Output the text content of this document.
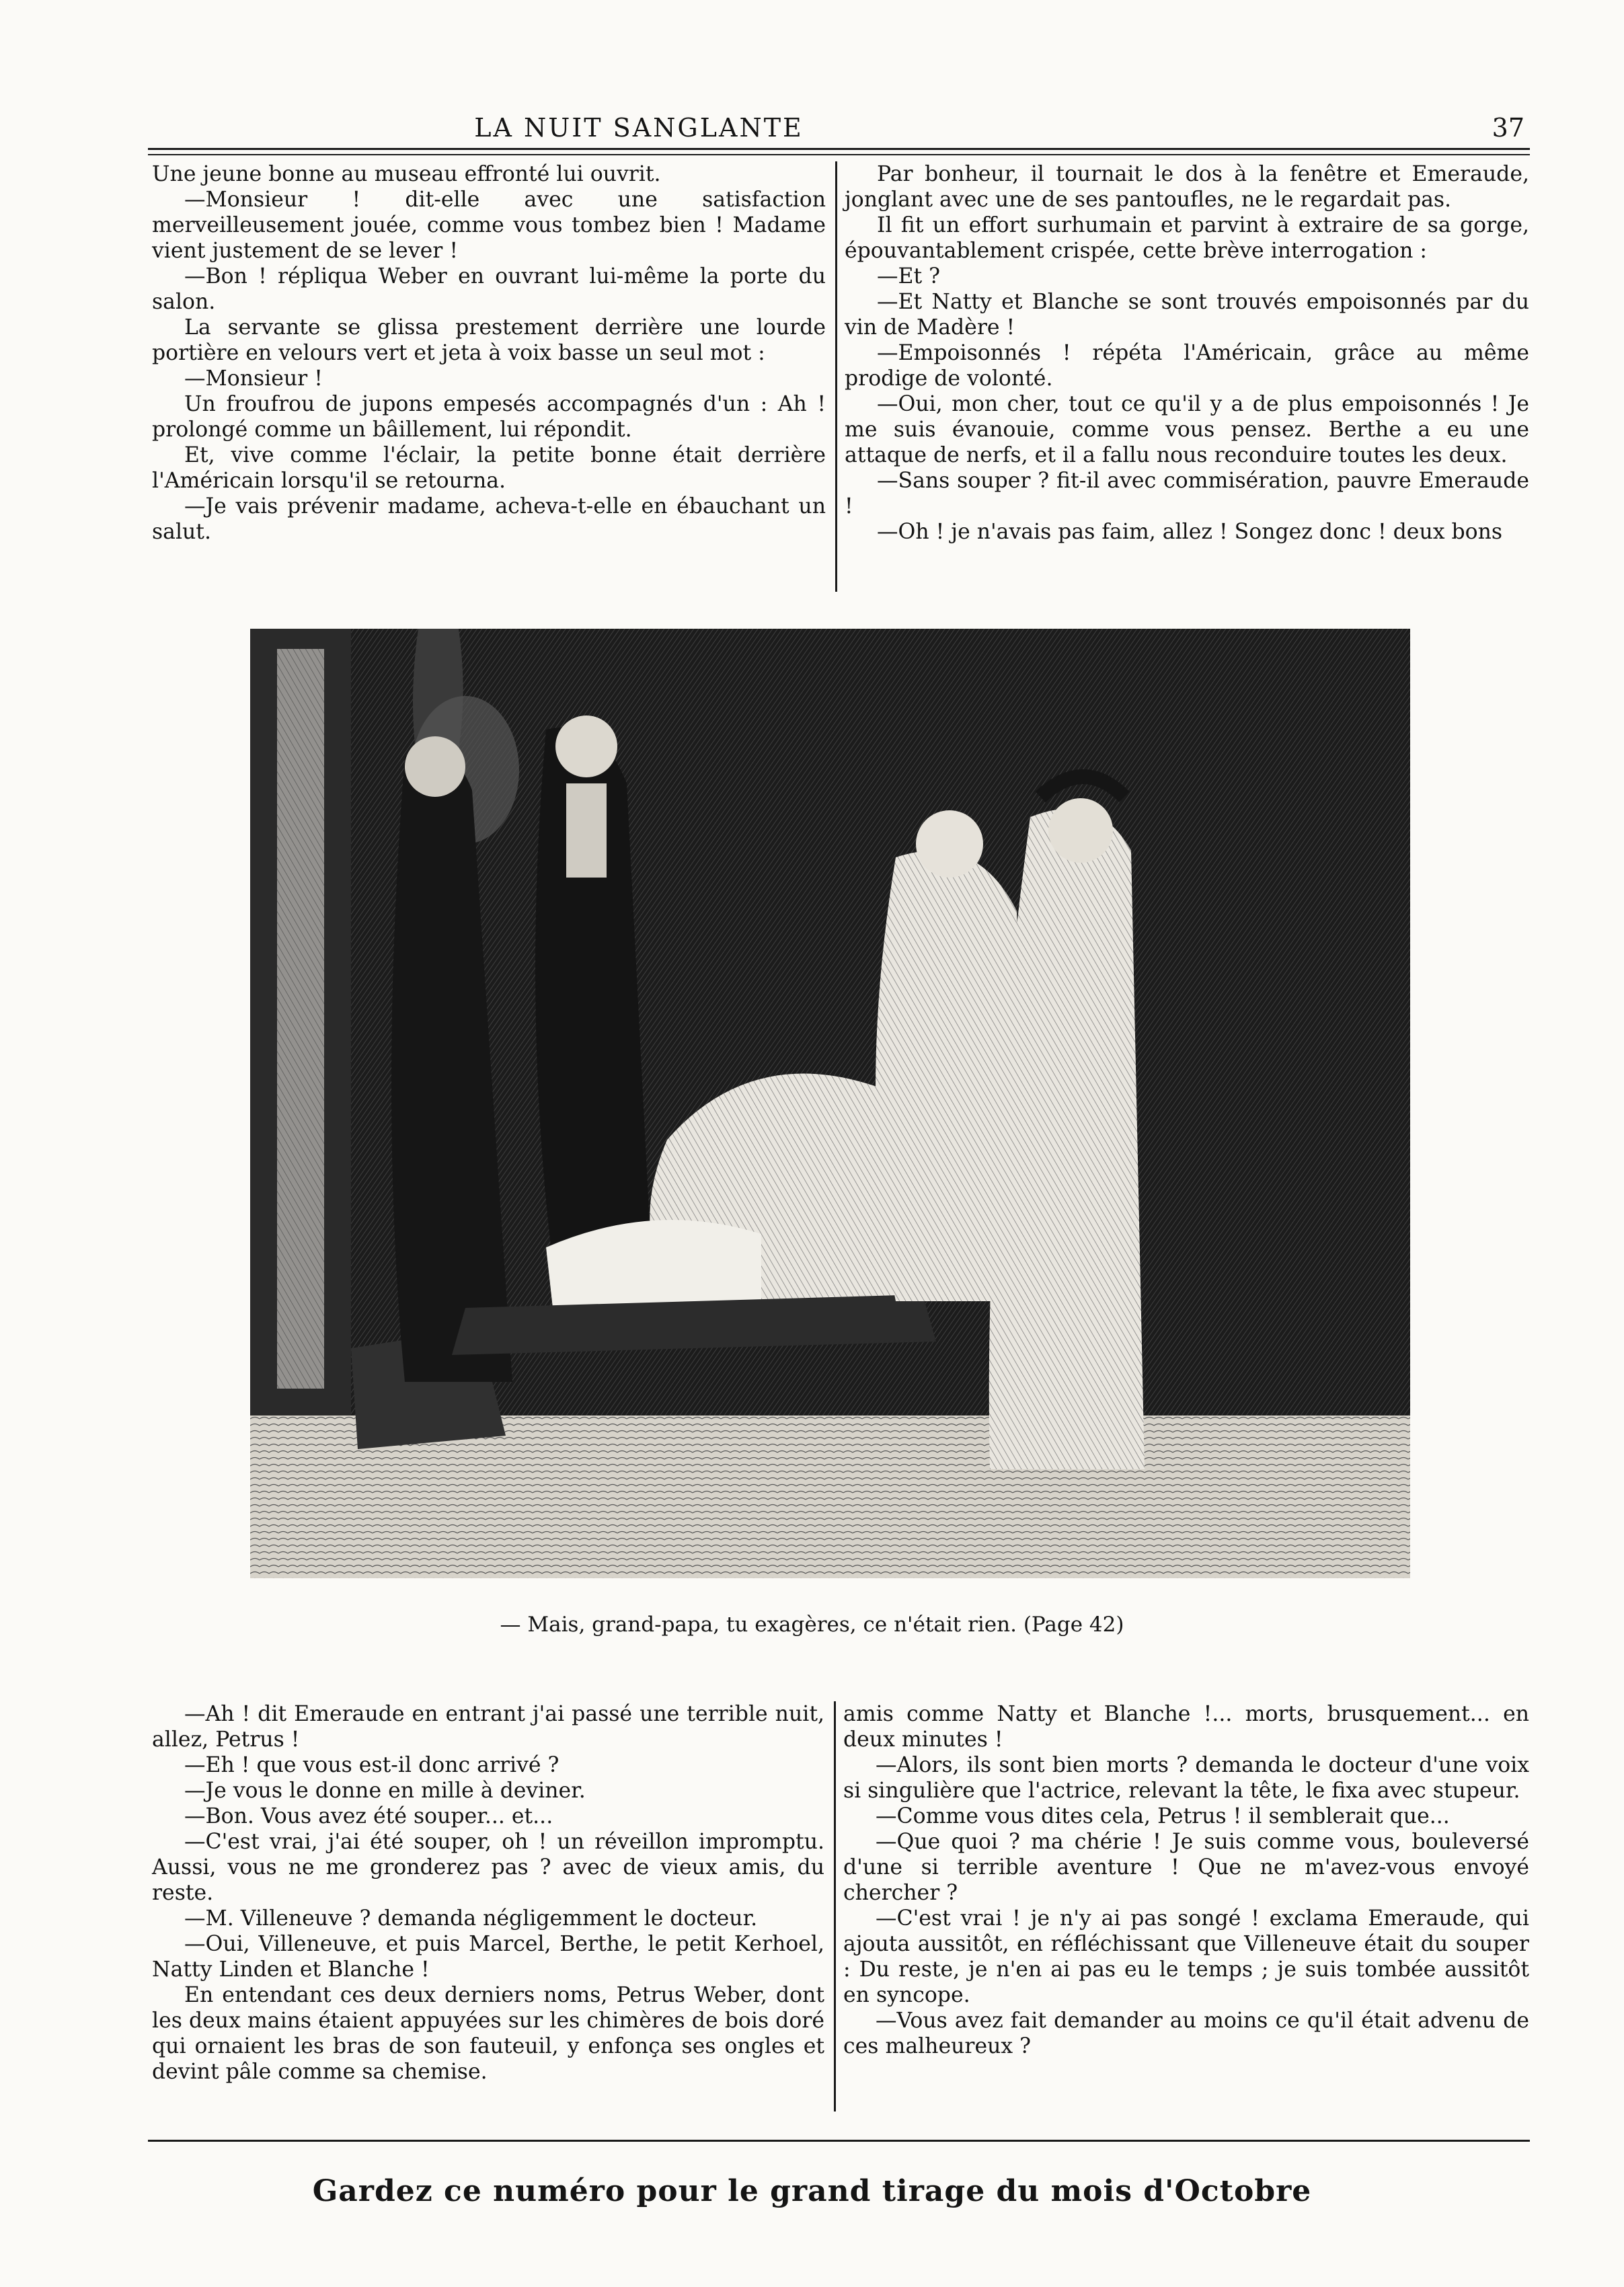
LA NUIT SANGLANTE	37

Une jeune bonne au museau effronté lui ouvrit.

—Monsieur ! dit-elle avec une satisfaction merveilleusement jouée, comme vous tombez bien ! Madame vient justement de se lever !

—Bon ! répliqua Weber en ouvrant lui-même la porte du salon.

La servante se glissa prestement derrière une lourde portière en velours vert et jeta à voix basse un seul mot :

—Monsieur !

Un froufrou de jupons empesés accompagnés d'un : Ah ! prolongé comme un bâillement, lui répondit.

Et, vive comme l'éclair, la petite bonne était derrière l'Américain lorsqu'il se retourna.

—Je vais prévenir madame, acheva-t-elle en ébauchant un salut.

Par bonheur, il tournait le dos à la fenêtre et Emeraude, jonglant avec une de ses pantoufles, ne le regardait pas.

Il fit un effort surhumain et parvint à extraire de sa gorge, épouvantablement crispée, cette brève interrogation :

—Et ?

—Et Natty et Blanche se sont trouvés empoisonnés par du vin de Madère !

—Empoisonnés ! répéta l'Américain, grâce au même prodige de volonté.

—Oui, mon cher, tout ce qu'il y a de plus empoisonnés ! Je me suis évanouie, comme vous pensez. Berthe a eu une attaque de nerfs, et il a fallu nous reconduire toutes les deux.

—Sans souper ? fit-il avec commisération, pauvre Emeraude !

—Oh ! je n'avais pas faim, allez ! Songez donc ! deux bons

— Mais, grand-papa, tu exagères, ce n'était rien. (Page 42)

—Ah ! dit Emeraude en entrant j'ai passé une terrible nuit, allez, Petrus !

—Eh ! que vous est-il donc arrivé ?

—Je vous le donne en mille à deviner.

—Bon. Vous avez été souper... et...

—C'est vrai, j'ai été souper, oh ! un réveillon impromptu. Aussi, vous ne me gronderez pas ? avec de vieux amis, du reste.

—M. Villeneuve ? demanda négligemment le docteur.

—Oui, Villeneuve, et puis Marcel, Berthe, le petit Kerhoel, Natty Linden et Blanche !

En entendant ces deux derniers noms, Petrus Weber, dont les deux mains étaient appuyées sur les chimères de bois doré qui ornaient les bras de son fauteuil, y enfonça ses ongles et devint pâle comme sa chemise.

amis comme Natty et Blanche !... morts, brusquement... en deux minutes !

—Alors, ils sont bien morts ? demanda le docteur d'une voix si singulière que l'actrice, relevant la tête, le fixa avec stupeur.

—Comme vous dites cela, Petrus ! il semblerait que...

—Que quoi ? ma chérie ! Je suis comme vous, bouleversé d'une si terrible aventure ! Que ne m'avez-vous envoyé chercher ?

—C'est vrai ! je n'y ai pas songé ! exclama Emeraude, qui ajouta aussitôt, en réfléchissant que Villeneuve était du souper : Du reste, je n'en ai pas eu le temps ; je suis tombée aussitôt en syncope.

—Vous avez fait demander au moins ce qu'il était advenu de ces malheureux ?

Gardez ce numéro pour le grand tirage du mois d'Octobre
